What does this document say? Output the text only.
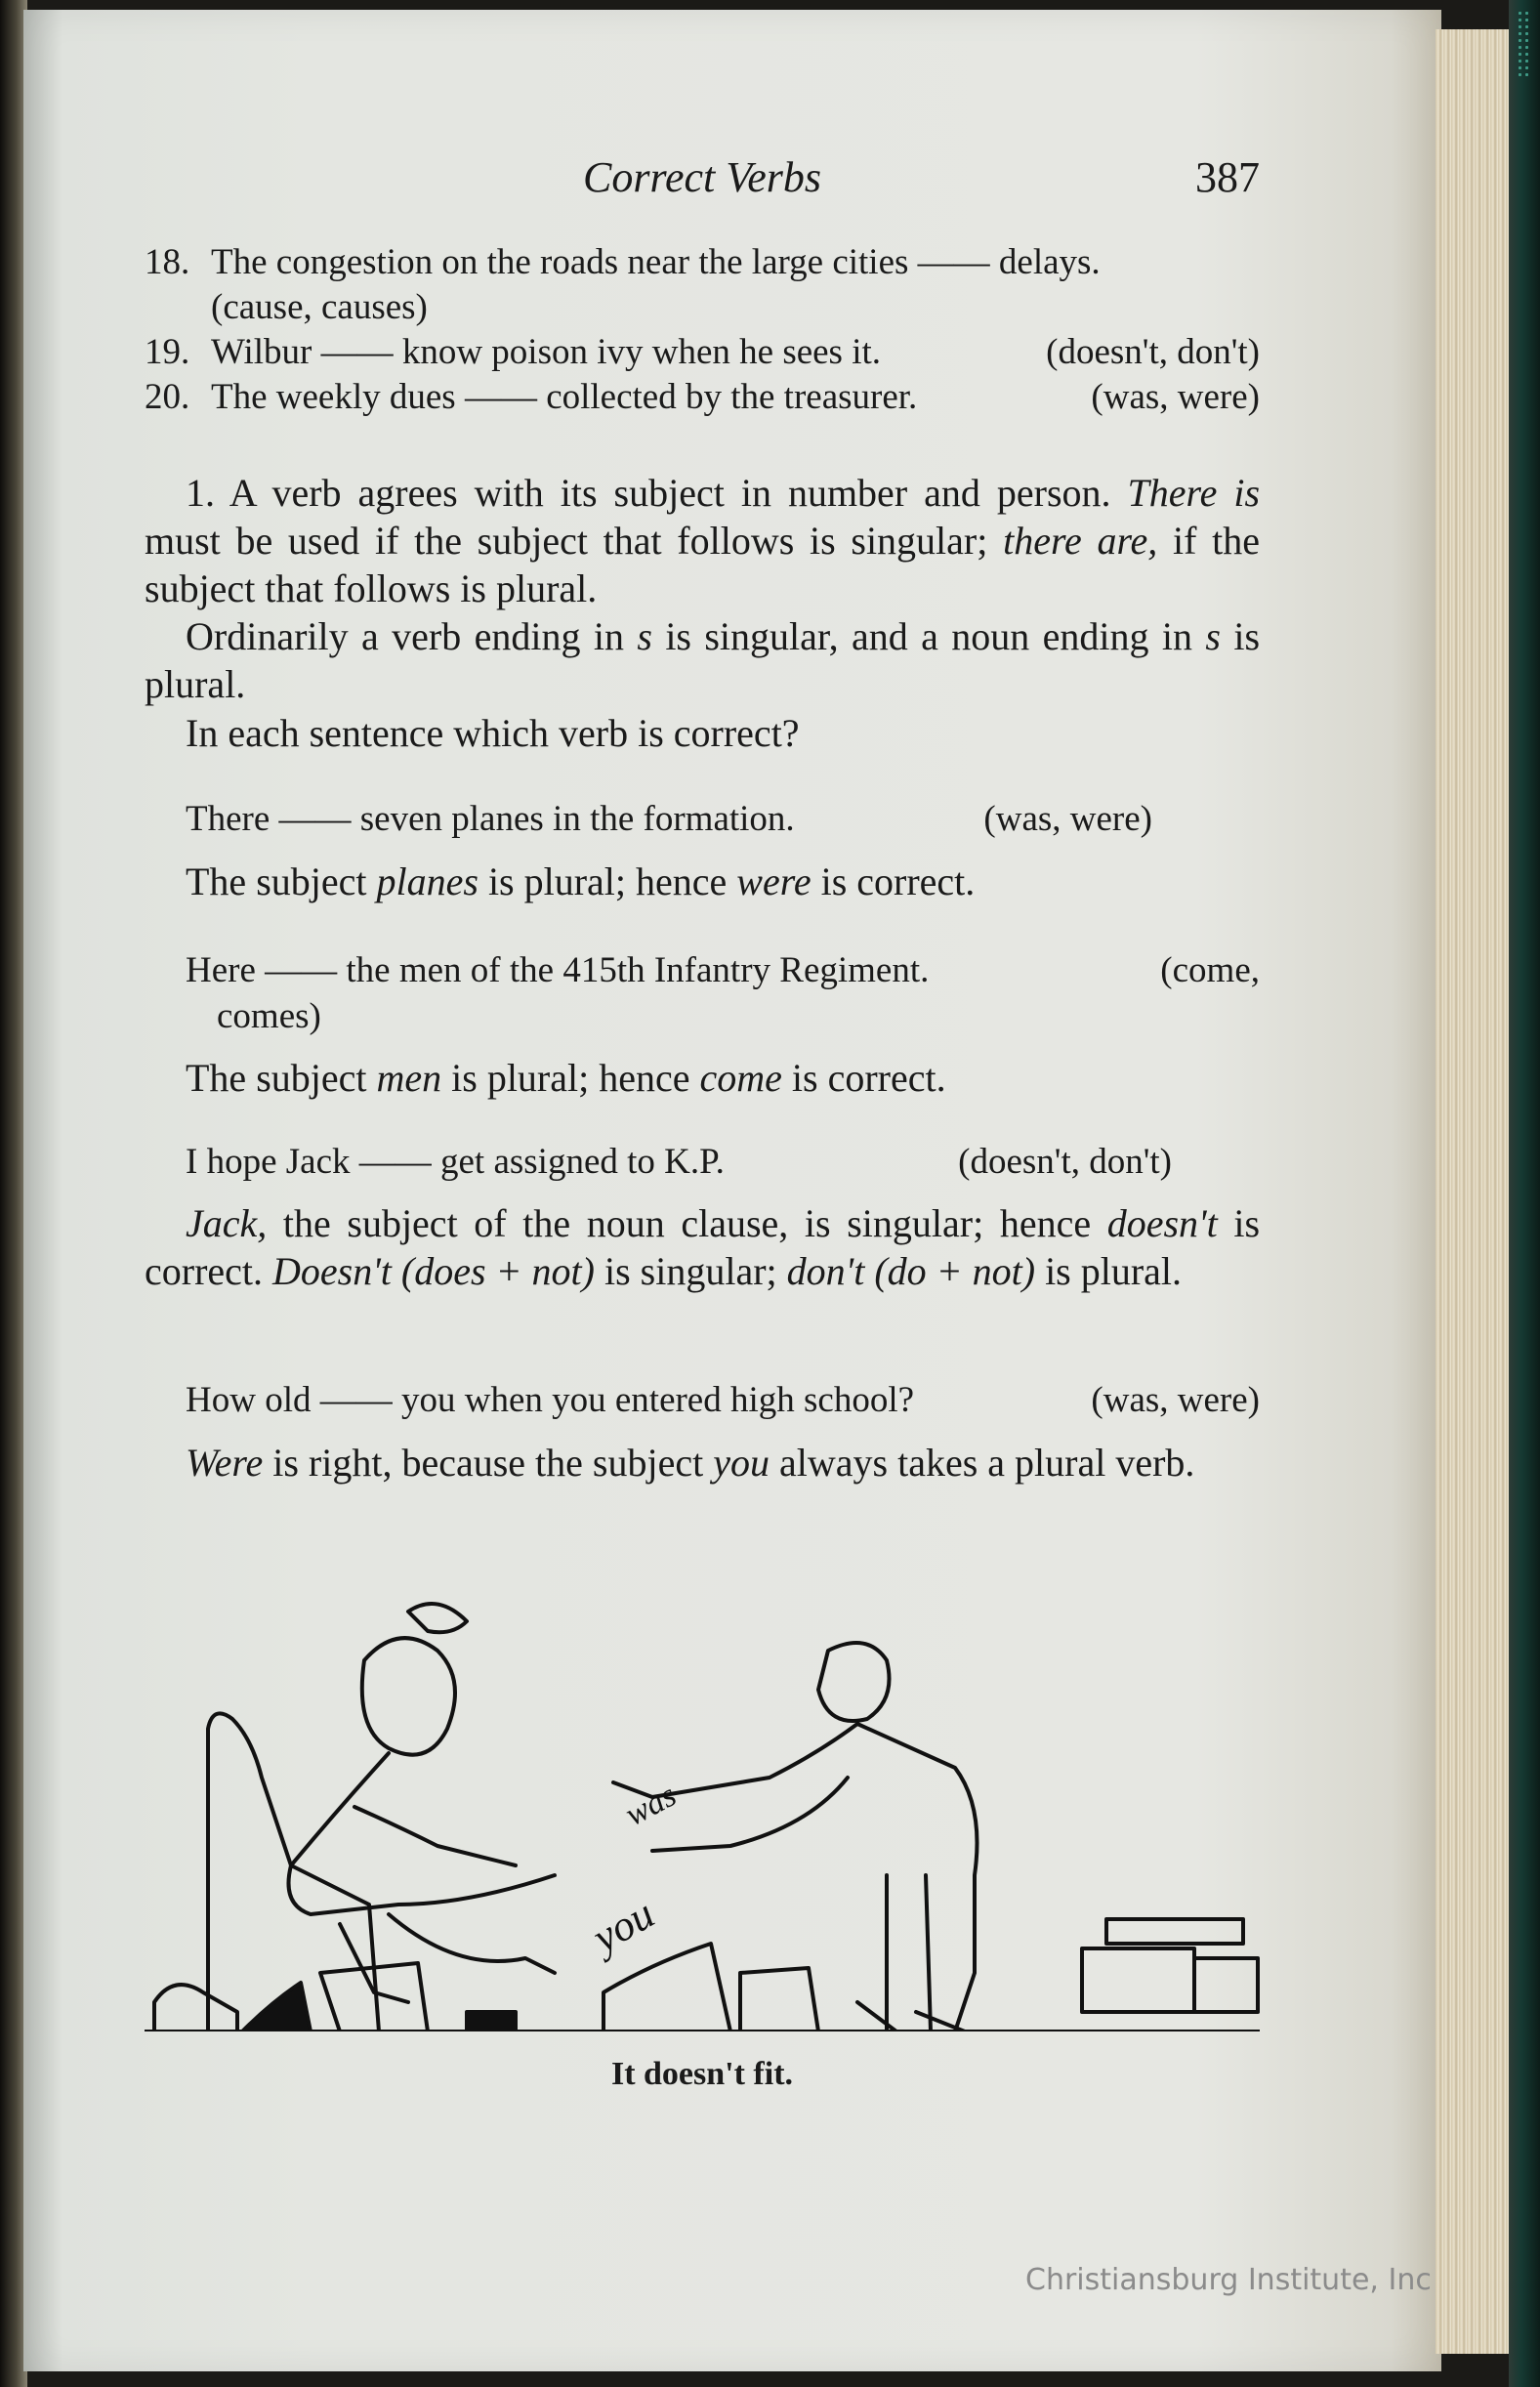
Correct Verbs	387
18. The congestion on the roads near the large cities —— delays.
(cause, causes)
19. Wilbur —— know poison ivy when he sees it.	(doesn't, don't)
20. The weekly dues —— collected by the treasurer.	(was, were)
1. A verb agrees with its subject in number and person. There is must be used if the subject that follows is singular; there are, if the subject that follows is plural.
Ordinarily a verb ending in s is singular, and a noun ending in s is plural.
In each sentence which verb is correct?
There —— seven planes in the formation.	(was, were)
The subject planes is plural; hence were is correct.
Here —— the men of the 415th Infantry Regiment.	(come,
comes)
The subject men is plural; hence come is correct.
I hope Jack —— get assigned to K.P.	(doesn't, don't)
Jack, the subject of the noun clause, is singular; hence doesn't is correct. Doesn't (does + not) is singular; don't (do + not) is plural.
How old —— you when you entered high school?	(was, were)
Were is right, because the subject you always takes a plural verb.
was
you
It doesn't fit.
Christiansburg Institute, Inc
